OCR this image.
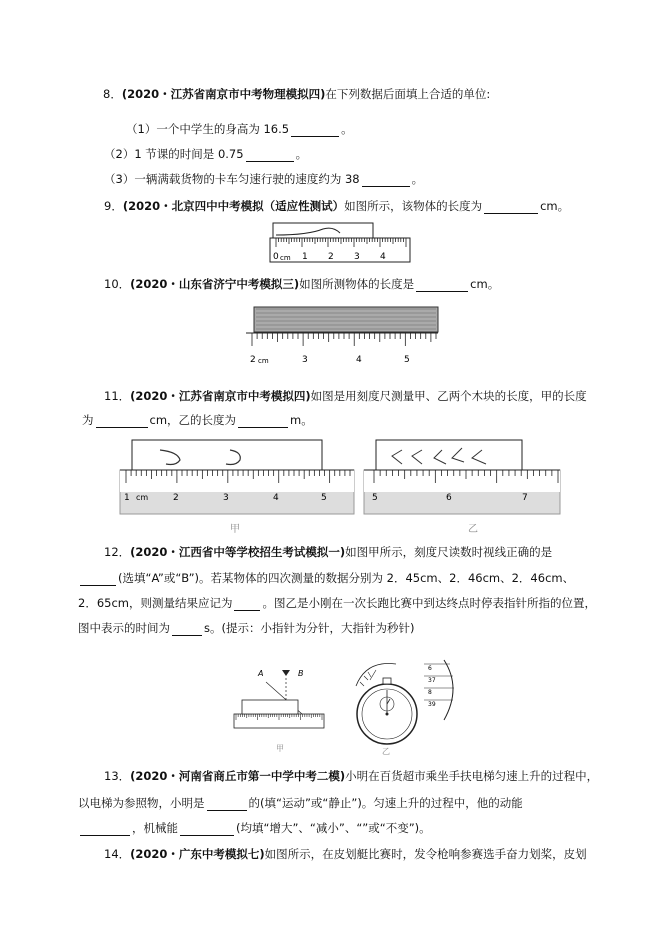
8．(2020・江苏省南京市中考物理模拟四)在下列数据后面填上合适的单位:
（1）一个中学生的身高为 16.5	。
（2）1 节课的时间是 0.75	。
（3）一辆满载货物的卡车匀速行驶的速度约为 38	。
9．(2020・北京四中中考模拟（适应性测试）如图所示，该物体的长度为	cm。
0 cm 1 2 3 4
10．(2020・山东省济宁中考模拟三)如图所测物体的长度是	cm。
2 cm	3	4	5
11．(2020・江苏省南京市中考模拟四)如图是用刻度尺测量甲、乙两个木块的长度，甲的长度
为	cm，乙的长度为	m。
1 cm	2	3	4	5
甲
5	6	7
乙
12．(2020・江西省中等学校招生考试模拟一)如图甲所示，刻度尺读数时视线正确的是
(选填“A”或“B”)。若某物体的四次测量的数据分别为 2．45cm、2．46cm、2．46cm、
2．65cm，则测量结果应记为	。图乙是小刚在一次长跑比赛中到达终点时停表指针所指的位置，
图中表示的时间为	s。(提示：小指针为分针，大指针为秒针)
A	B
甲	乙
6
37
8
39
13．(2020・河南省商丘市第一中学中考二模)小明在百货超市乘坐手扶电梯匀速上升的过程中，
以电梯为参照物，小明是	的(填“运动”或“静止”)。匀速上升的过程中，他的动能
，机械能	(均填“增大”、“减小”、“”或“不变”)。
14．(2020・广东中考模拟七)如图所示，在皮划艇比赛时，发令枪响参赛选手奋力划桨，皮划
